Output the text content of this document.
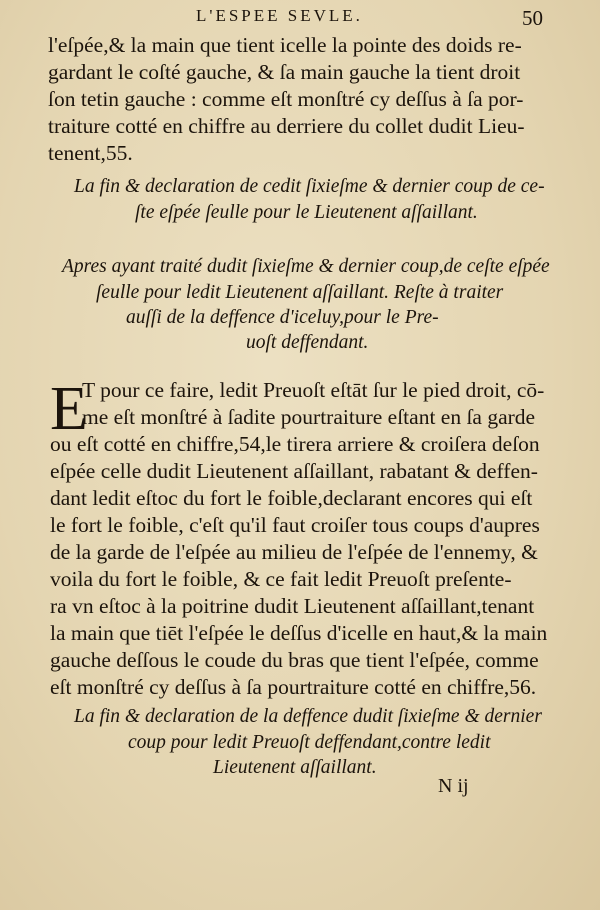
L'ESPEE SEVLE.	50
l'eſpée,& la main que tient icelle la pointe des doids re-
gardant le coſté gauche, & ſa main gauche la tient droit
ſon tetin gauche : comme eſt monſtré cy deſſus à ſa por-
traiture cotté en chiffre au derriere du collet dudit Lieu-
tenent,55.
La fin & declaration de cedit ſixieſme & dernier coup de ce-
ſte eſpée ſeulle pour le Lieutenent aſſaillant.
Apres ayant traité dudit ſixieſme & dernier coup,de ceſte eſpée
ſeulle pour ledit Lieutenent aſſaillant. Reſte à traiter
auſſi de la deffence d'iceluy,pour le Pre-
uoſt deffendant.
E
T pour ce faire, ledit Preuoſt eſtāt ſur le pied droit, cō-
me eſt monſtré à ſadite pourtraiture eſtant en ſa garde
ou eſt cotté en chiffre,54,le tirera arriere & croiſera deſon
eſpée celle dudit Lieutenent aſſaillant, rabatant & deffen-
dant ledit eſtoc du fort le foible,declarant encores qui eſt
le fort le foible, c'eſt qu'il faut croiſer tous coups d'aupres
de la garde de l'eſpée au milieu de l'eſpée de l'ennemy, &
voila du fort le foible, & ce fait ledit Preuoſt preſente-
ra vn eſtoc à la poitrine dudit Lieutenent aſſaillant,tenant
la main que tiēt l'eſpée le deſſus d'icelle en haut,& la main
gauche deſſous le coude du bras que tient l'eſpée, comme
eſt monſtré cy deſſus à ſa pourtraiture cotté en chiffre,56.
La fin & declaration de la deffence dudit ſixieſme & dernier
coup pour ledit Preuoſt deffendant,contre ledit
Lieutenent aſſaillant.
N ij
